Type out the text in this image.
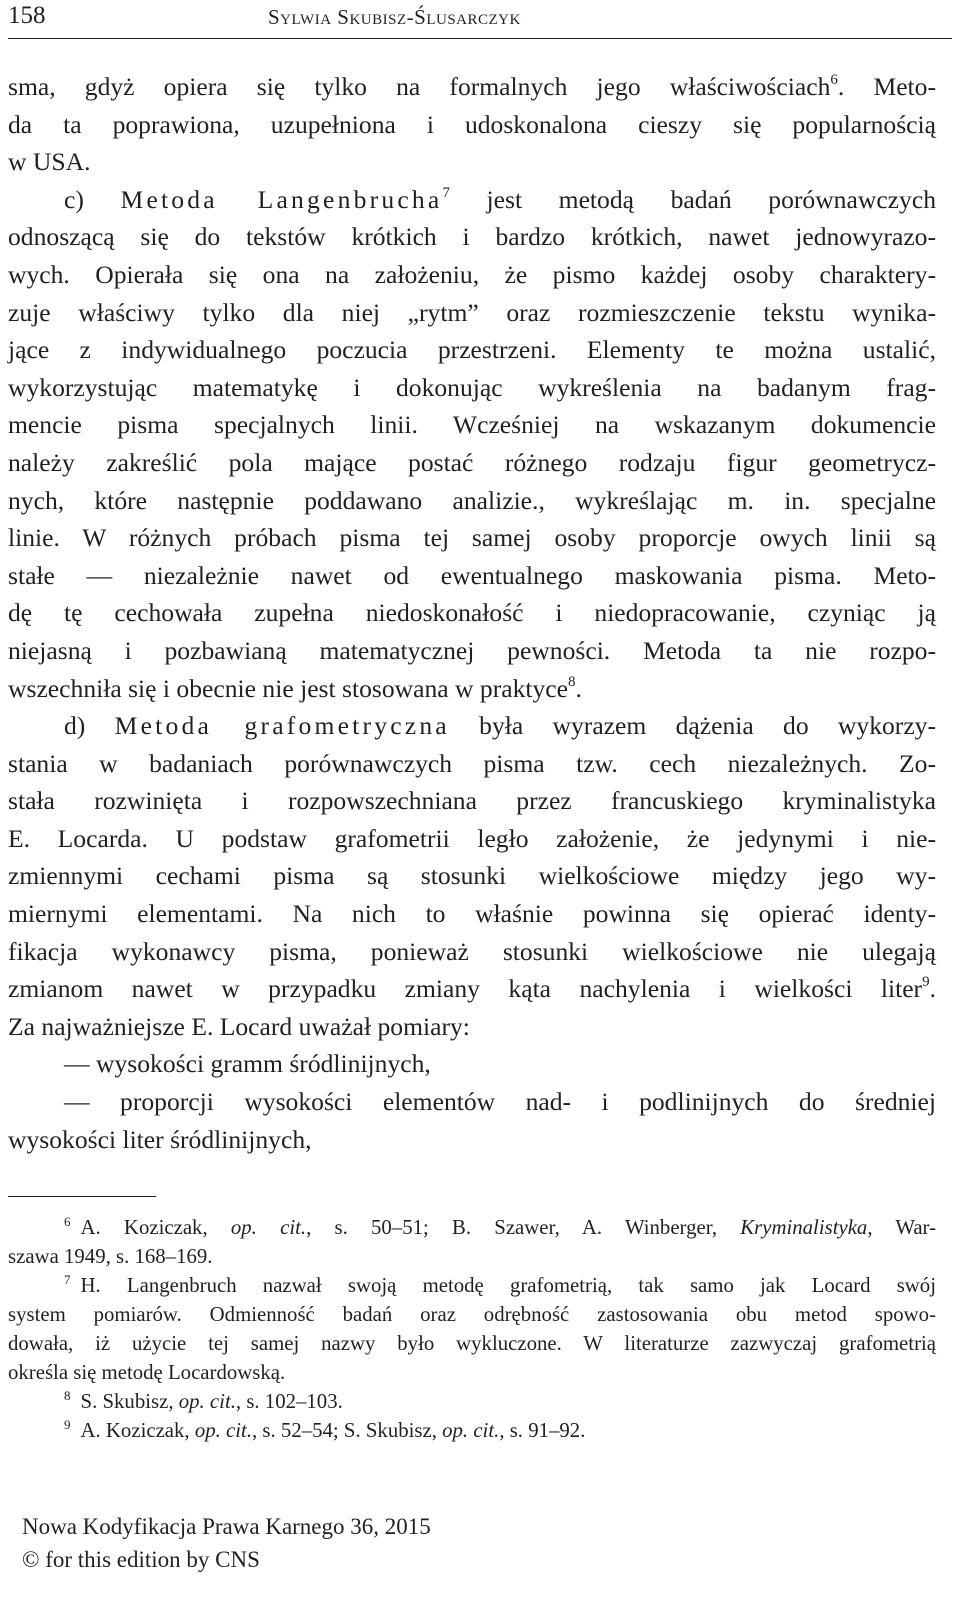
158	Sylwia Skubisz-Ślusarczyk
sma, gdyż opiera się tylko na formalnych jego właściwościach$^6$. Meto-
da ta poprawiona, uzupełniona i udoskonalona cieszy się popularnością
w USA.
c) Metoda Langenbrucha$^7$ jest metodą badań porównawczych
odnoszącą się do tekstów krótkich i bardzo krótkich, nawet jednowyrazo-
wych. Opierała się ona na założeniu, że pismo każdej osoby charaktery-
zuje właściwy tylko dla niej „rytm” oraz rozmieszczenie tekstu wynika-
jące z indywidualnego poczucia przestrzeni. Elementy te można ustalić,
wykorzystując matematykę i dokonując wykreślenia na badanym frag-
mencie pisma specjalnych linii. Wcześniej na wskazanym dokumencie
należy zakreślić pola mające postać różnego rodzaju figur geometrycz-
nych, które następnie poddawano analizie., wykreślając m. in. specjalne
linie. W różnych próbach pisma tej samej osoby proporcje owych linii są
stałe — niezależnie nawet od ewentualnego maskowania pisma. Meto-
dę tę cechowała zupełna niedoskonałość i niedopracowanie, czyniąc ją
niejasną i pozbawianą matematycznej pewności. Metoda ta nie rozpo-
wszechniła się i obecnie nie jest stosowana w praktyce$^8$.
d) Metoda grafometryczna była wyrazem dążenia do wykorzy-
stania w badaniach porównawczych pisma tzw. cech niezależnych. Zo-
stała rozwinięta i rozpowszechniana przez francuskiego kryminalistyka
E. Locarda. U podstaw grafometrii legło założenie, że jedynymi i nie-
zmiennymi cechami pisma są stosunki wielkościowe między jego wy-
miernymi elementami. Na nich to właśnie powinna się opierać identy-
fikacja wykonawcy pisma, ponieważ stosunki wielkościowe nie ulegają
zmianom nawet w przypadku zmiany kąta nachylenia i wielkości liter$^9$.
Za najważniejsze E. Locard uważał pomiary:
— wysokości gramm śródlinijnych,
— proporcji wysokości elementów nad- i podlinijnych do średniej
wysokości liter śródlinijnych,
6 A. Koziczak, op. cit., s. 50–51; B. Szawer, A. Winberger, Kryminalistyka, War-
szawa 1949, s. 168–169.
7 H. Langenbruch nazwał swoją metodę grafometrią, tak samo jak Locard swój
system pomiarów. Odmienność badań oraz odrębność zastosowania obu metod spowo-
dowała, iż użycie tej samej nazwy było wykluczone. W literaturze zazwyczaj grafometrią
określa się metodę Locardowską.
8 S. Skubisz, op. cit., s. 102–103.
9 A. Koziczak, op. cit., s. 52–54; S. Skubisz, op. cit., s. 91–92.
Nowa Kodyfikacja Prawa Karnego 36, 2015
© for this edition by CNS
